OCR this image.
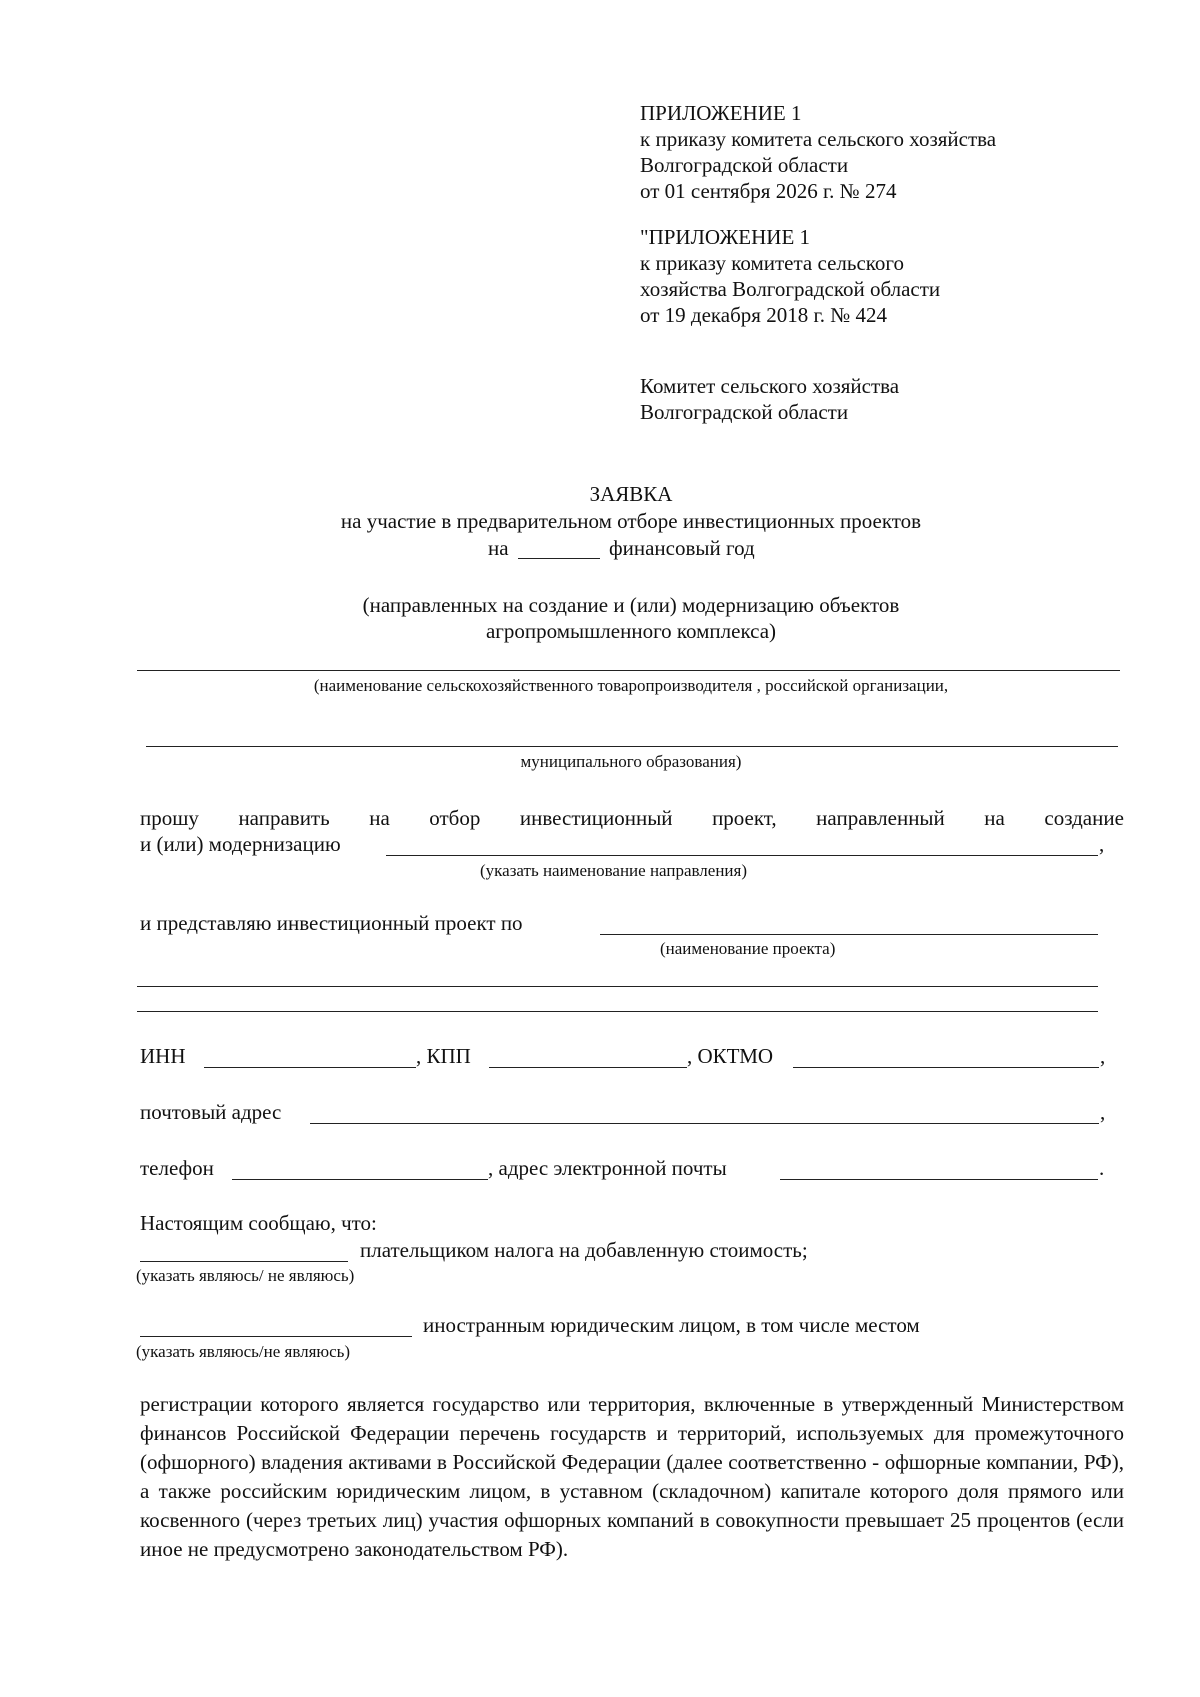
ПРИЛОЖЕНИЕ 1
к приказу комитета сельского хозяйства
Волгоградской области
от 01 сентября 2026 г. № 274
"ПРИЛОЖЕНИЕ 1
к приказу комитета сельского
хозяйства Волгоградской области
от 19 декабря 2018 г. № 424
Комитет сельского хозяйства
Волгоградской области
ЗАЯВКА
на участие в предварительном отборе инвестиционных проектов
на	финансовый год
(направленных на создание и (или) модернизацию объектов
агропромышленного комплекса)
(наименование сельскохозяйственного товаропроизводителя , российской организации,
муниципального образования)
прошу направить на отбор инвестиционный проект, направленный на создание
и (или) модернизацию	,
(указать наименование направления)
и представляю инвестиционный проект по
(наименование проекта)
ИНН	, КПП	, ОКТМО	,
почтовый адрес	,
телефон	, адрес электронной почты	.
Настоящим сообщаю, что:
плательщиком налога на добавленную стоимость;
(указать являюсь/ не являюсь)
иностранным юридическим лицом, в том числе местом
(указать являюсь/не являюсь)
регистрации которого является государство или территория, включенные в утвержденный Министерством финансов Российской Федерации перечень государств и территорий, используемых для промежуточного (офшорного) владения активами в Российской Федерации (далее соответственно - офшорные компании, РФ), а также российским юридическим лицом, в уставном (складочном) капитале которого доля прямого или косвенного (через третьих лиц) участия офшорных компаний в совокупности превышает 25 процентов (если иное не предусмотрено законодательством РФ).
